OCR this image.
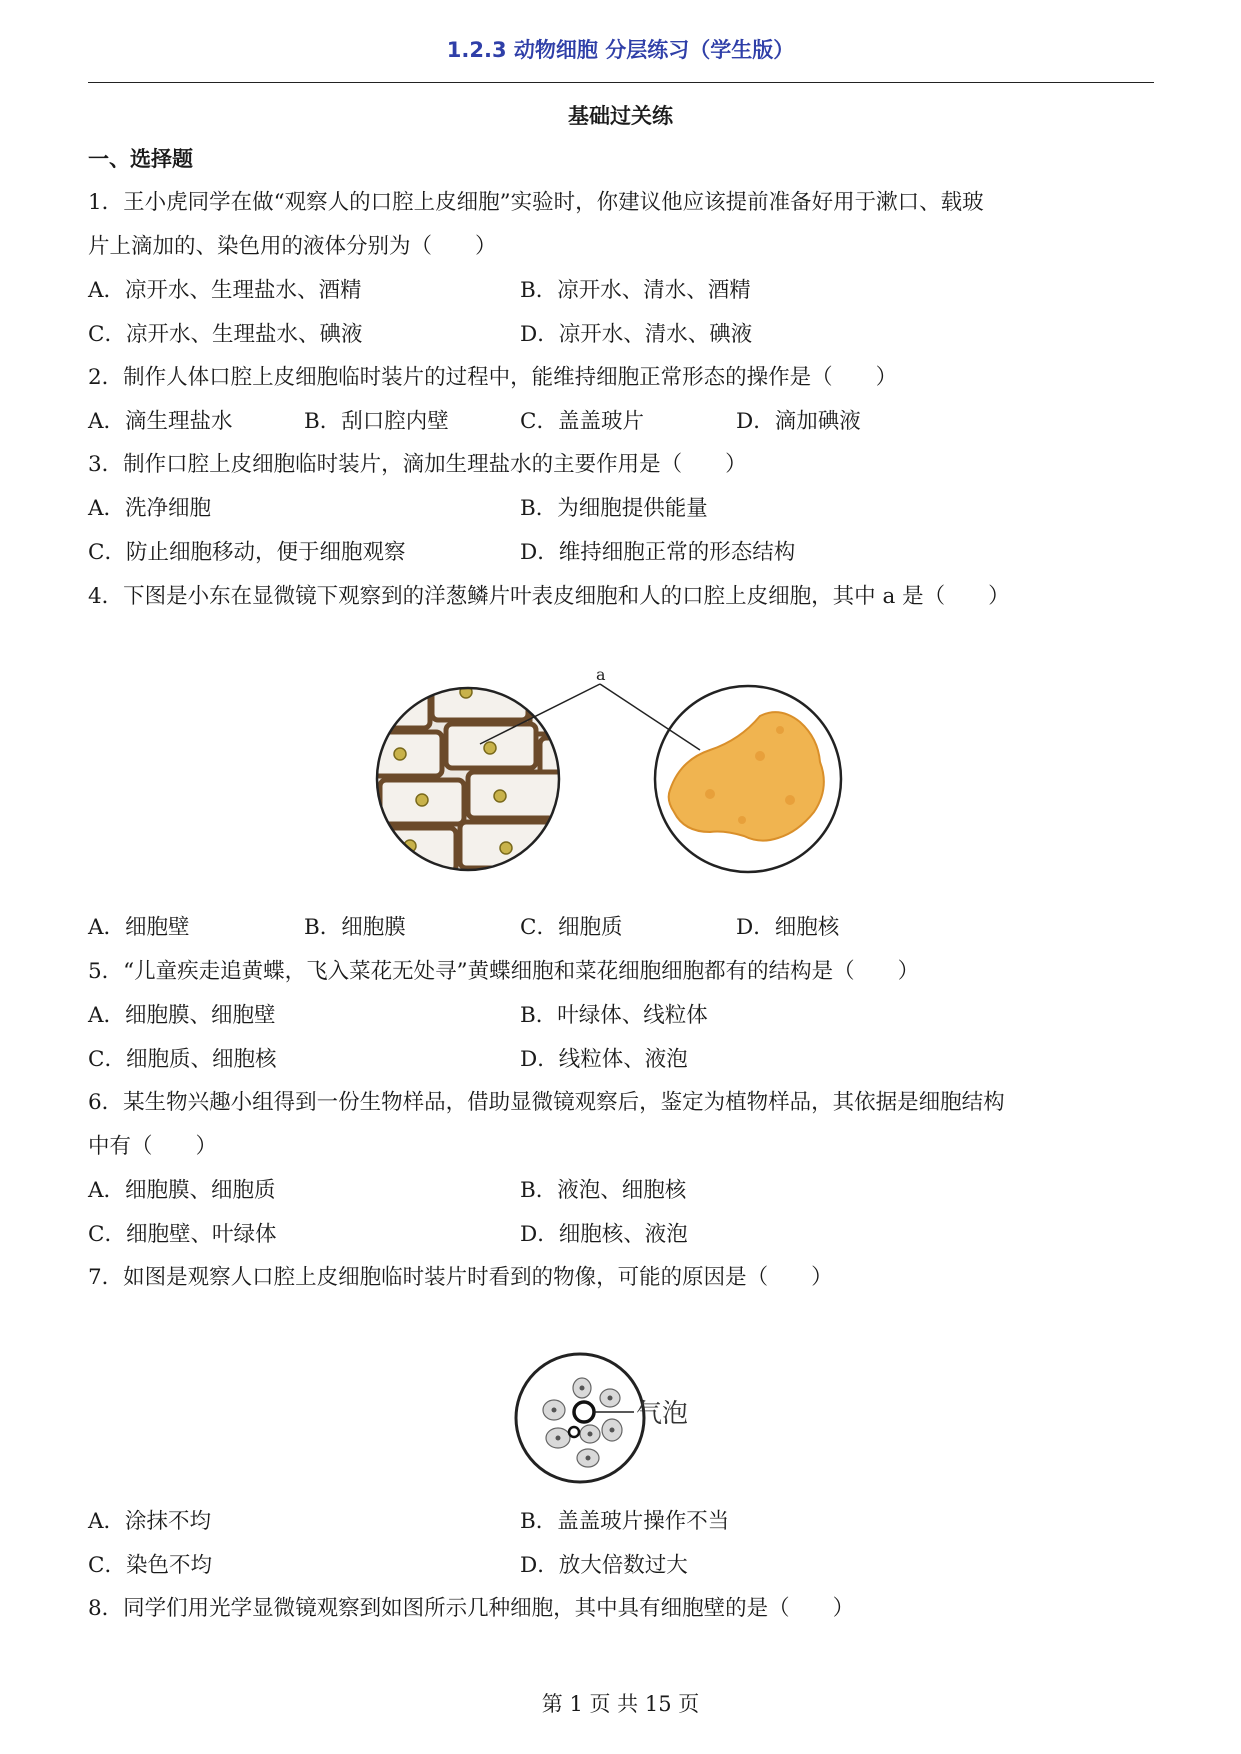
1.2.3 动物细胞 分层练习（学生版）
基础过关练
一、选择题
1．王小虎同学在做“观察人的口腔上皮细胞”实验时，你建议他应该提前准备好用于漱口、载玻
片上滴加的、染色用的液体分别为（　　）
A．凉开水、生理盐水、酒精	B．凉开水、清水、酒精
C．凉开水、生理盐水、碘液	D．凉开水、清水、碘液
2．制作人体口腔上皮细胞临时装片的过程中，能维持细胞正常形态的操作是（　　）
A．滴生理盐水	B．刮口腔内壁	C．盖盖玻片	D．滴加碘液
3．制作口腔上皮细胞临时装片，滴加生理盐水的主要作用是（　　）
A．洗净细胞	B．为细胞提供能量
C．防止细胞移动，便于细胞观察	D．维持细胞正常的形态结构
4．下图是小东在显微镜下观察到的洋葱鳞片叶表皮细胞和人的口腔上皮细胞，其中 a 是（　　）
a
A．细胞壁	B．细胞膜	C．细胞质	D．细胞核
5．“儿童疾走追黄蝶，飞入菜花无处寻”黄蝶细胞和菜花细胞细胞都有的结构是（　　）
A．细胞膜、细胞壁	B．叶绿体、线粒体
C．细胞质、细胞核	D．线粒体、液泡
6．某生物兴趣小组得到一份生物样品，借助显微镜观察后，鉴定为植物样品，其依据是细胞结构
中有（　　）
A．细胞膜、细胞质	B．液泡、细胞核
C．细胞壁、叶绿体	D．细胞核、液泡
7．如图是观察人口腔上皮细胞临时装片时看到的物像，可能的原因是（　　）
气泡
A．涂抹不均	B．盖盖玻片操作不当
C．染色不均	D．放大倍数过大
8．同学们用光学显微镜观察到如图所示几种细胞，其中具有细胞壁的是（　　）
第 1 页 共 15 页
